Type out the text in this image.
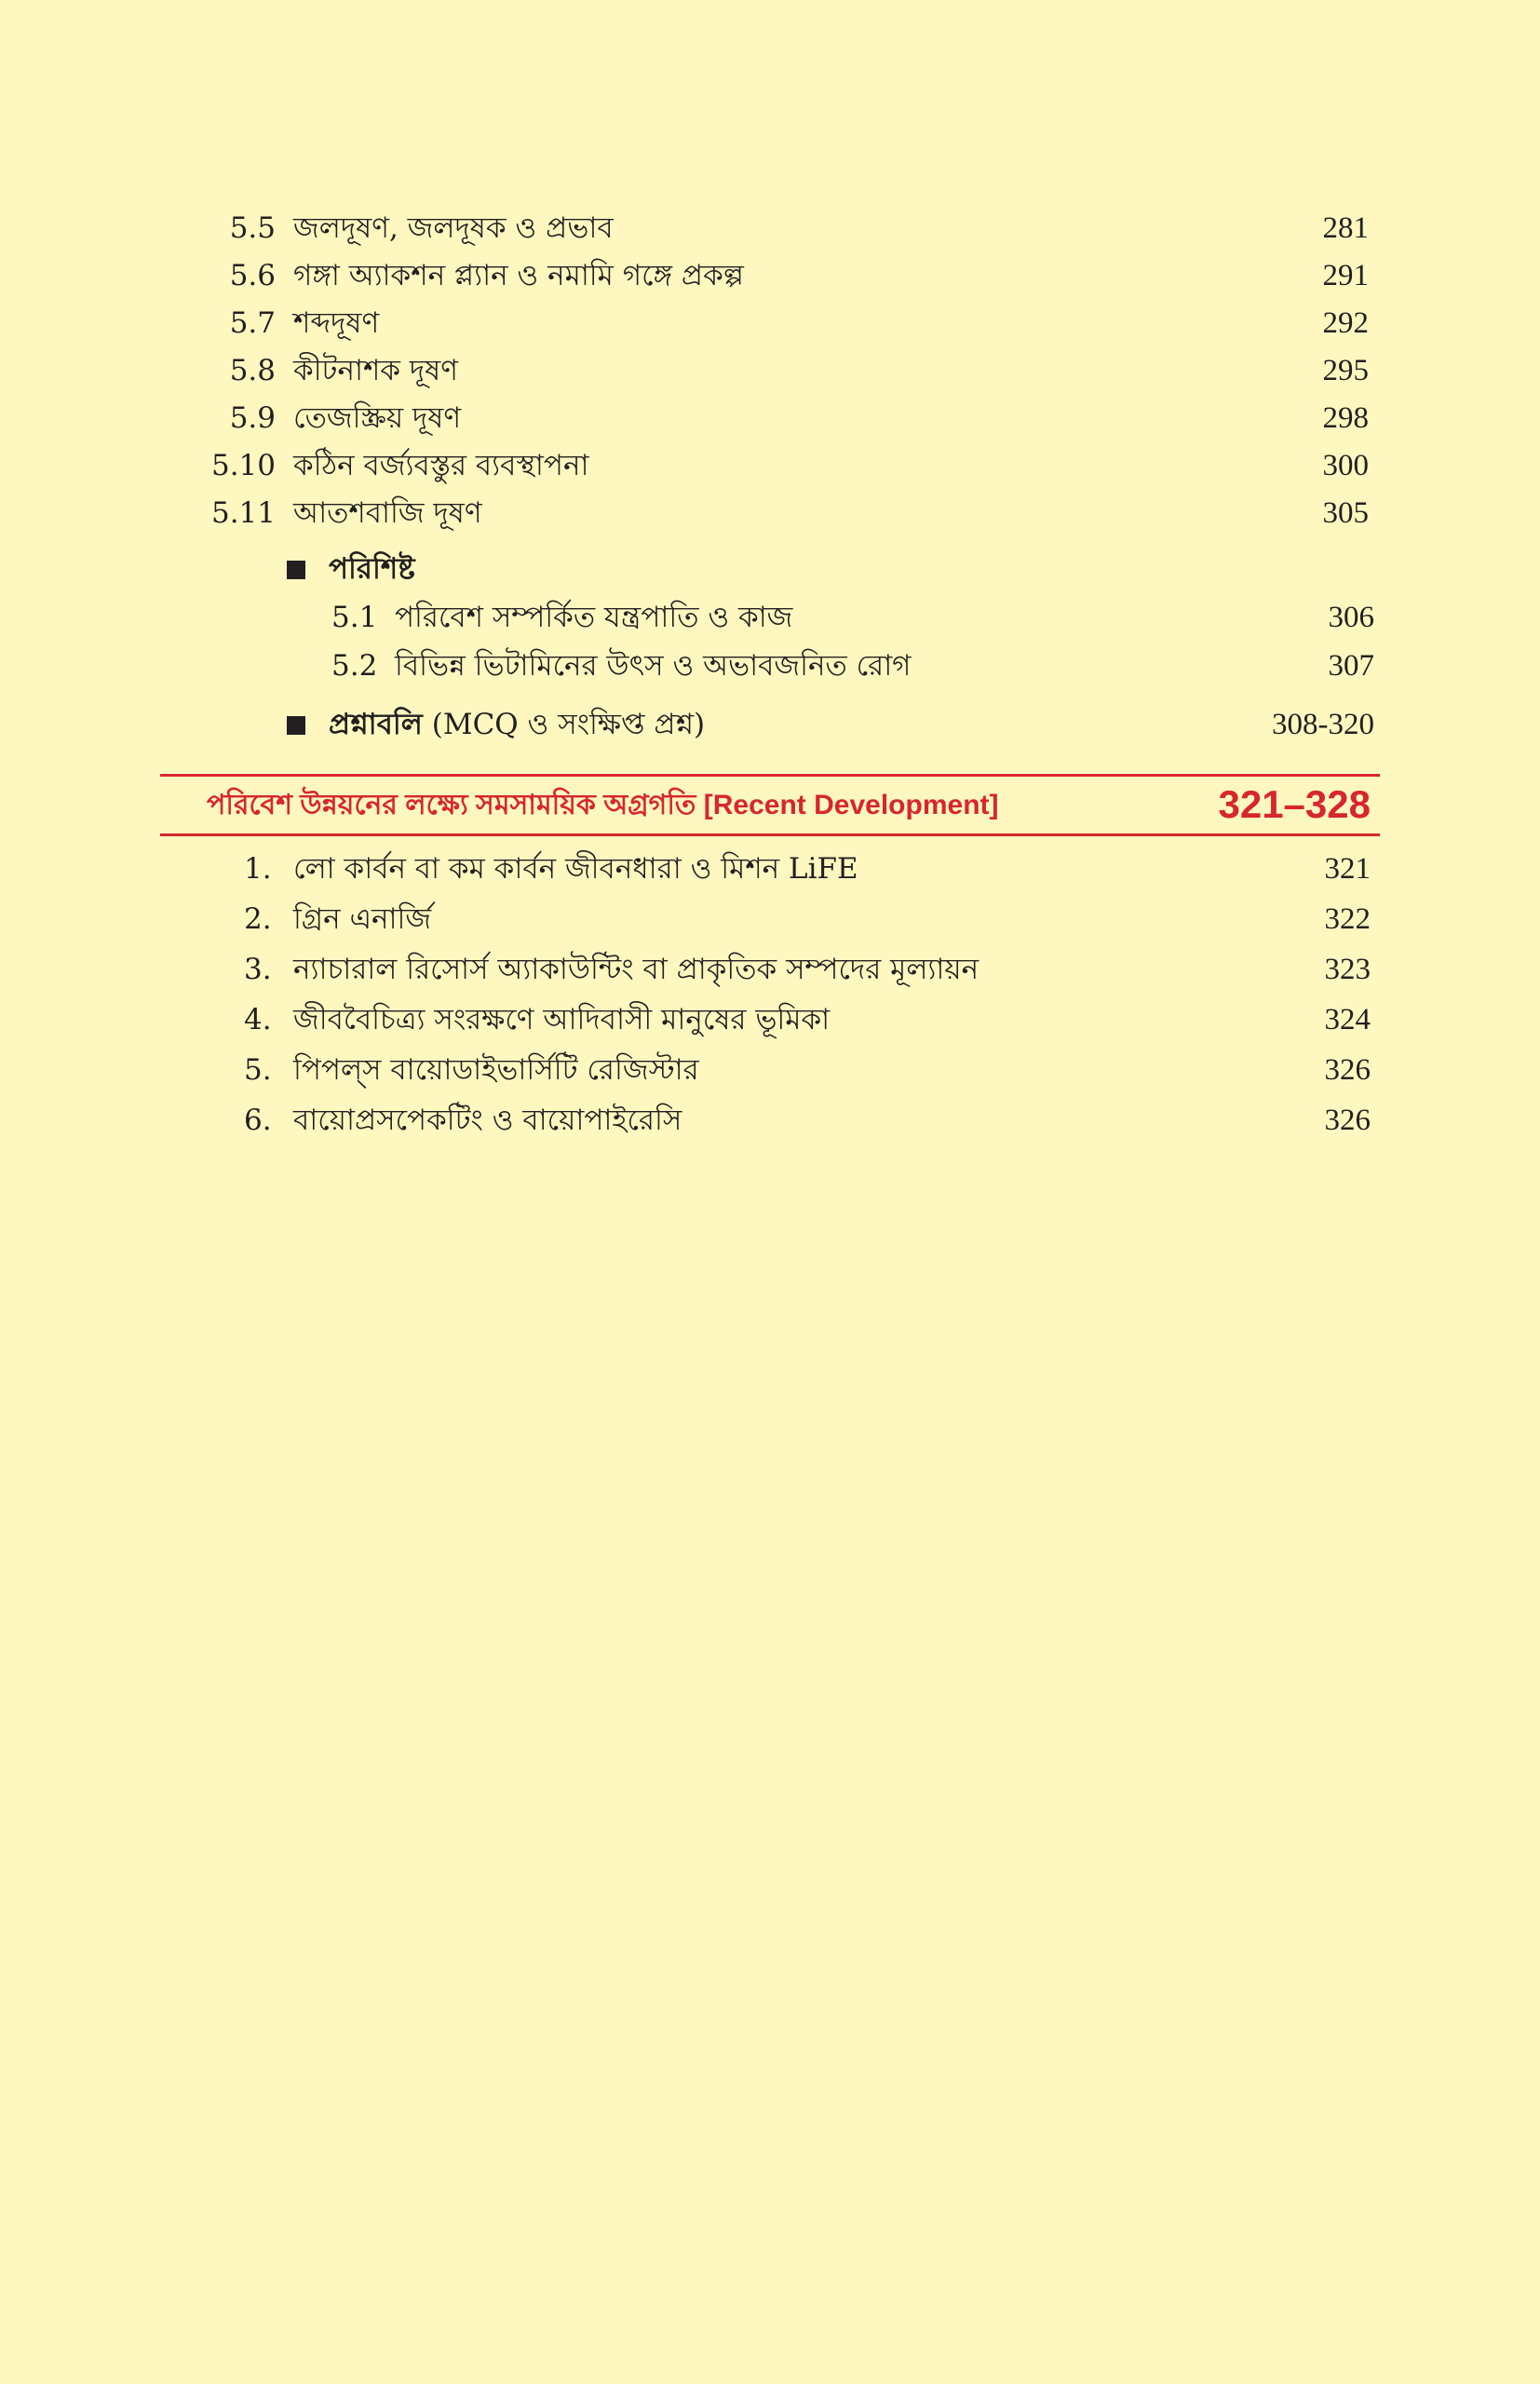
5.5 জলদূষণ, জলদূষক ও প্রভাব	281
5.6 গঙ্গা অ্যাকশন প্ল্যান ও নমামি গঙ্গে প্রকল্প	291
5.7 শব্দদূষণ	292
5.8 কীটনাশক দূষণ	295
5.9 তেজস্ক্রিয় দূষণ	298
5.10 কঠিন বর্জ্যবস্তুর ব্যবস্থাপনা	300
5.11 আতশবাজি দূষণ	305
পরিশিষ্ট
5.1 পরিবেশ সম্পর্কিত যন্ত্রপাতি ও কাজ	306
5.2 বিভিন্ন ভিটামিনের উৎস ও অভাবজনিত রোগ	307
প্রশ্নাবলি (MCQ ও সংক্ষিপ্ত প্রশ্ন)	308-320
পরিবেশ উন্নয়নের লক্ষ্যে সমসাময়িক অগ্রগতি [Recent Development]	321–328
1. লো কার্বন বা কম কার্বন জীবনধারা ও মিশন LiFE	321
2. গ্রিন এনার্জি	322
3. ন্যাচারাল রিসোর্স অ্যাকাউন্টিং বা প্রাকৃতিক সম্পদের মূল্যায়ন	323
4. জীববৈচিত্র্য সংরক্ষণে আদিবাসী মানুষের ভূমিকা	324
5. পিপল্‌স বায়োডাইভার্সিটি রেজিস্টার	326
6. বায়োপ্রসপেকটিং ও বায়োপাইরেসি	326
